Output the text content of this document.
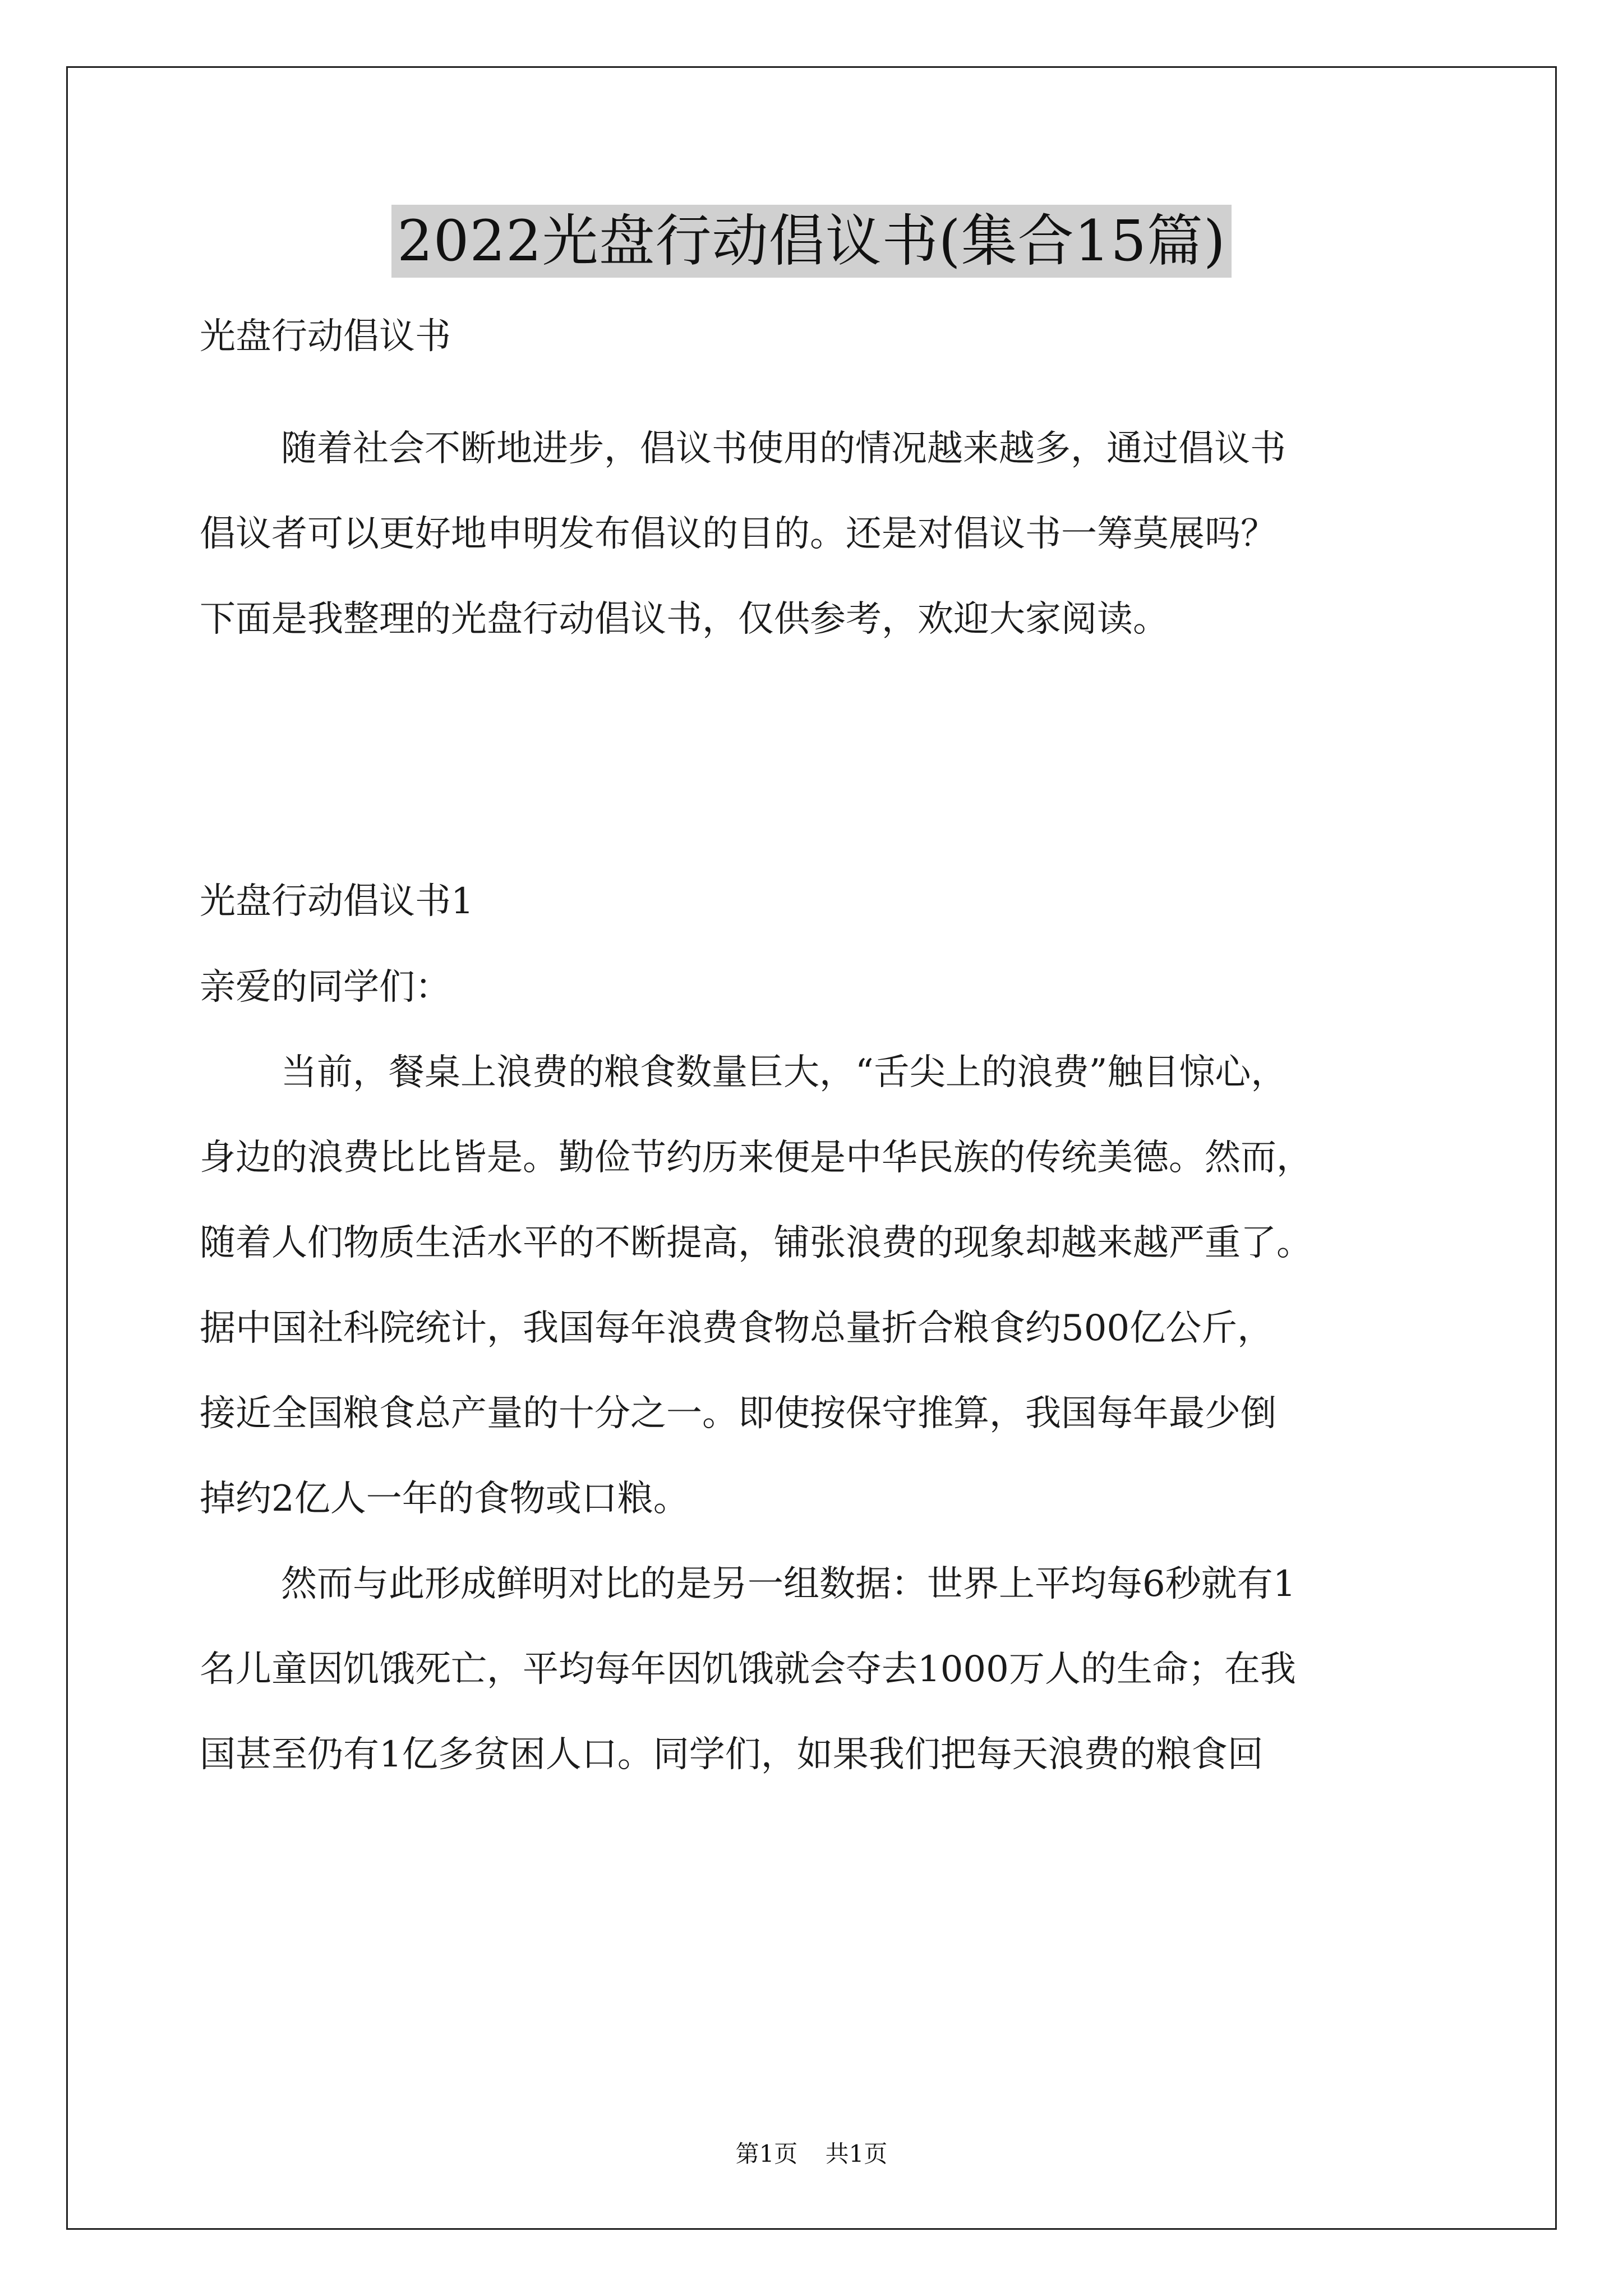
2022光盘行动倡议书(集合15篇)
光盘行动倡议书
随着社会不断地进步，倡议书使用的情况越来越多，通过倡议书
倡议者可以更好地申明发布倡议的目的。还是对倡议书一筹莫展吗？
下面是我整理的光盘行动倡议书，仅供参考，欢迎大家阅读。
光盘行动倡议书1
亲爱的同学们：
当前，餐桌上浪费的粮食数量巨大，“舌尖上的浪费”触目惊心，
身边的浪费比比皆是。勤俭节约历来便是中华民族的传统美德。然而，
随着人们物质生活水平的不断提高，铺张浪费的现象却越来越严重了。
据中国社科院统计，我国每年浪费食物总量折合粮食约500亿公斤，
接近全国粮食总产量的十分之一。即使按保守推算，我国每年最少倒
掉约2亿人一年的食物或口粮。
然而与此形成鲜明对比的是另一组数据：世界上平均每6秒就有1
名儿童因饥饿死亡，平均每年因饥饿就会夺去1000万人的生命；在我
国甚至仍有1亿多贫困人口。同学们，如果我们把每天浪费的粮食回
第1页 共1页
